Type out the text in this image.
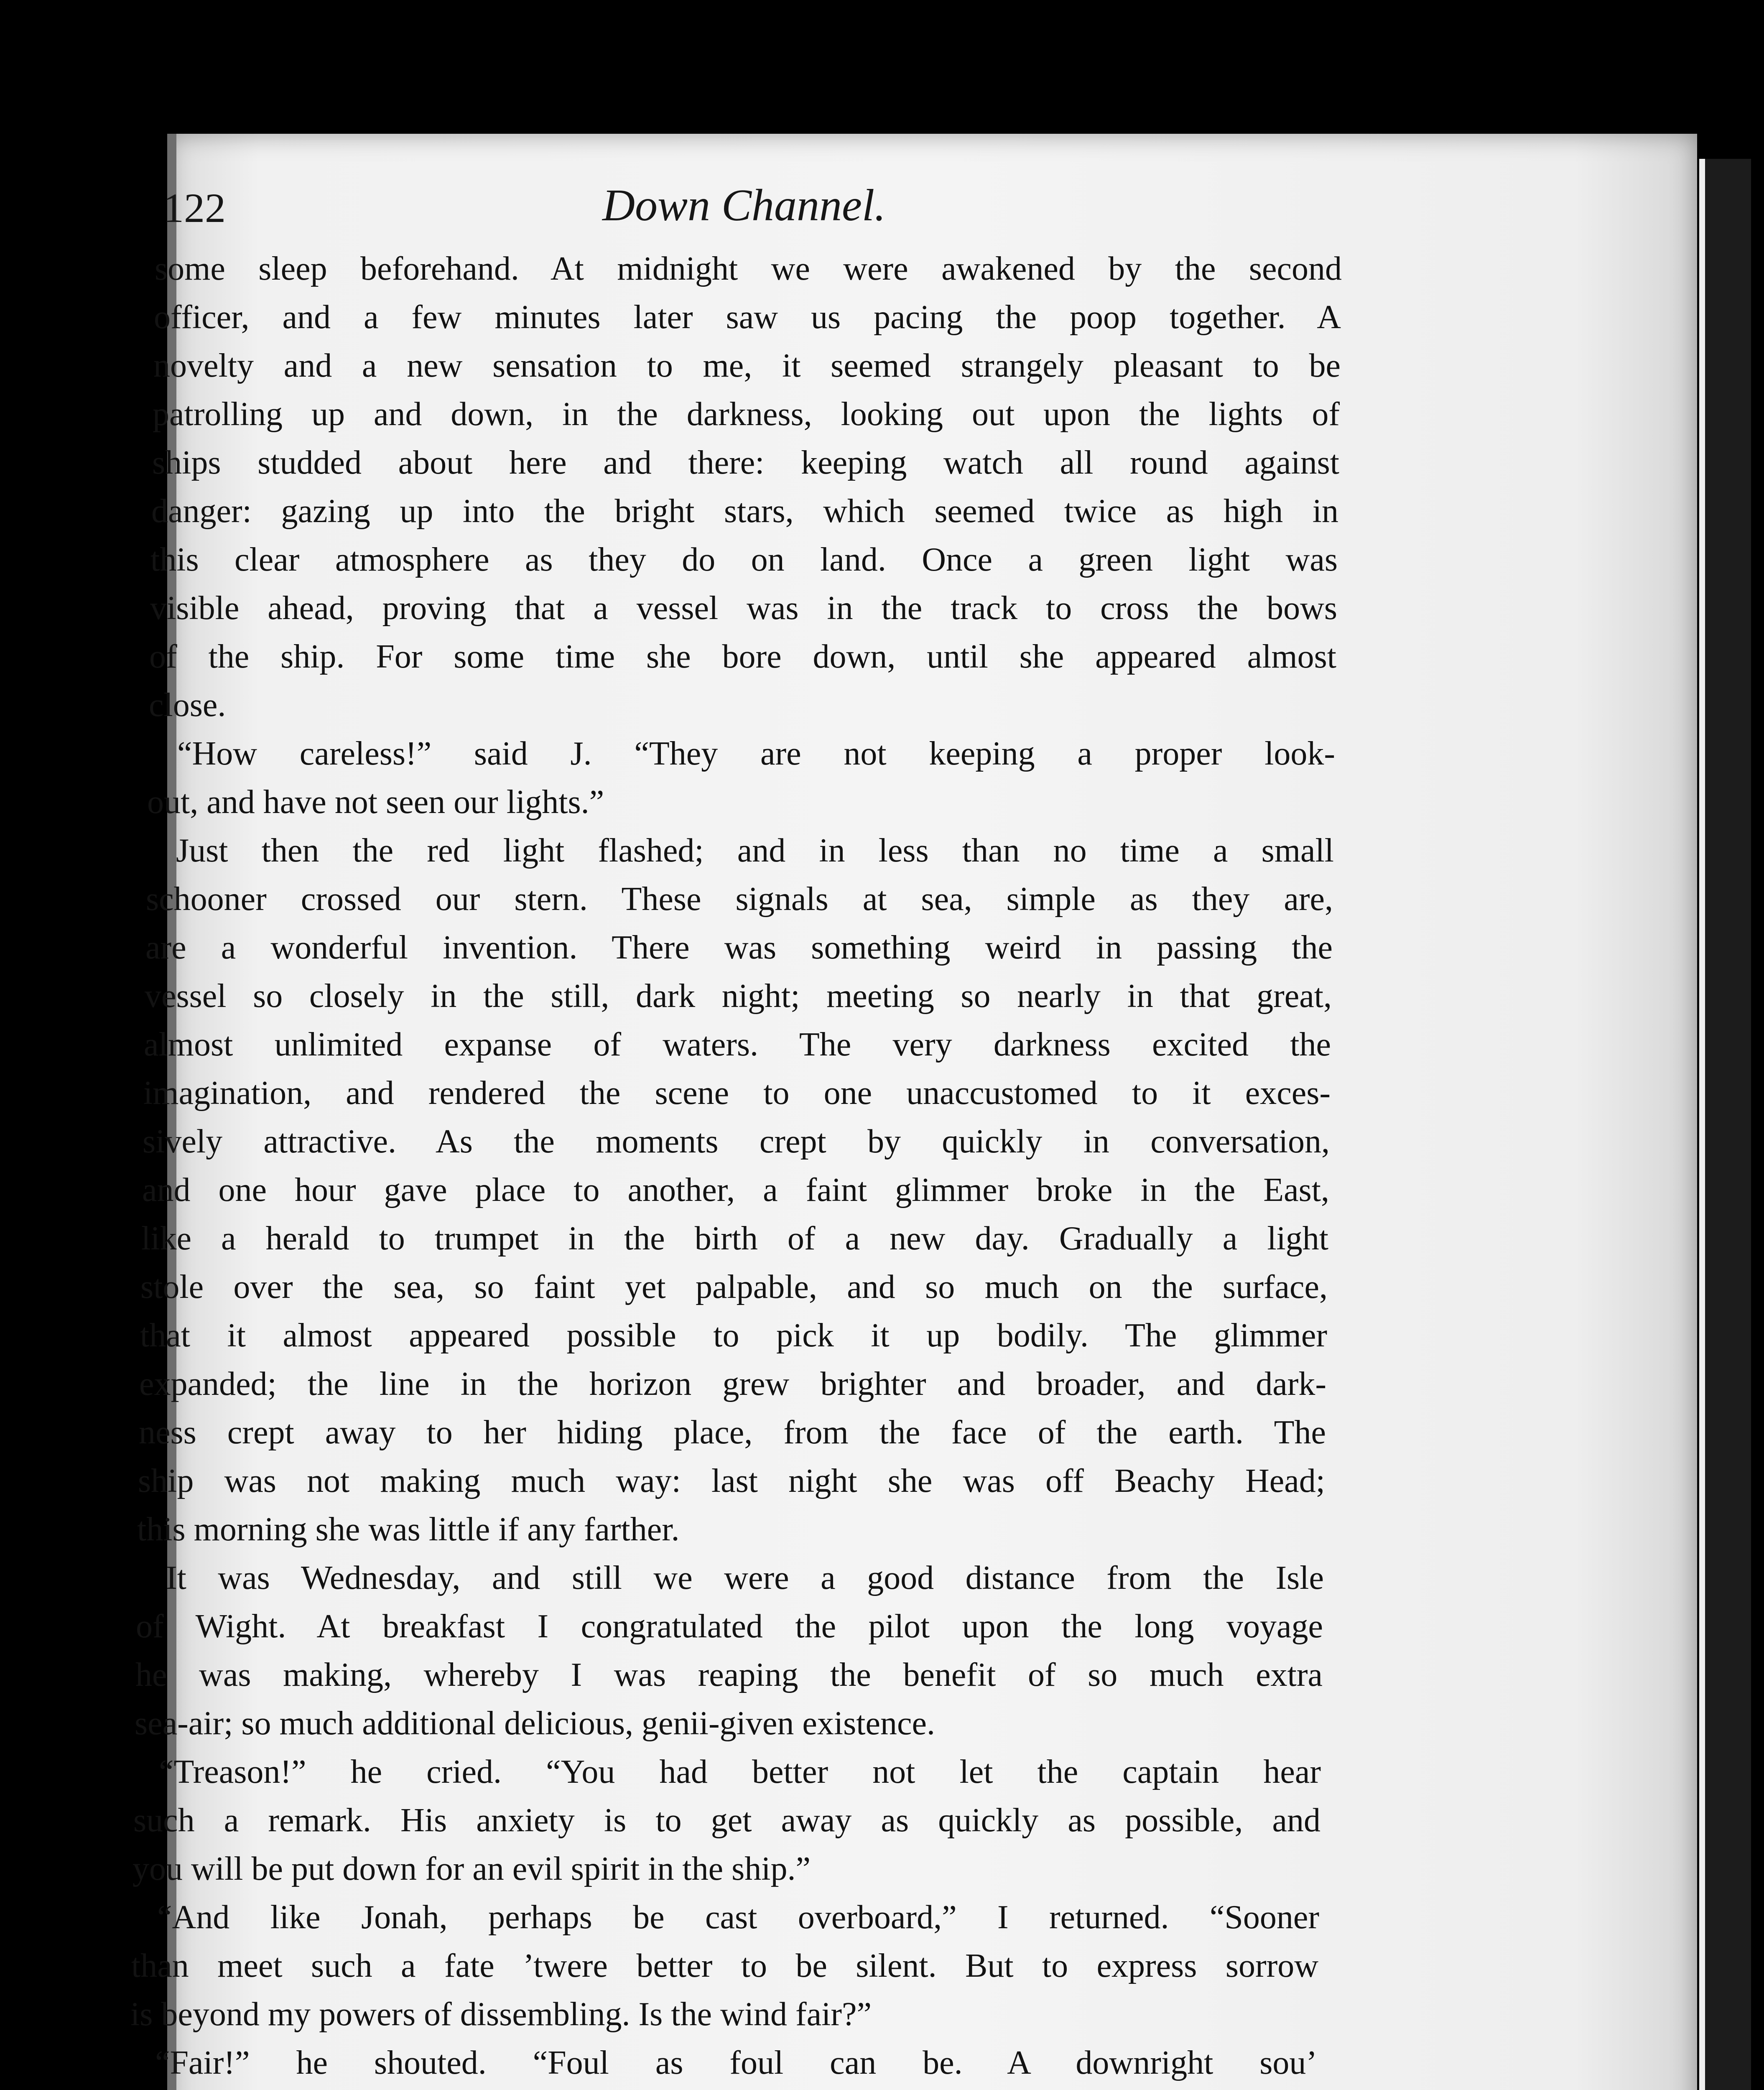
122	Down Channel.
some sleep beforehand. At midnight we were awakened by the second
officer, and a few minutes later saw us pacing the poop together. A
novelty and a new sensation to me, it seemed strangely pleasant to be
patrolling up and down, in the darkness, looking out upon the lights of
ships studded about here and there: keeping watch all round against
danger: gazing up into the bright stars, which seemed twice as high in
this clear atmosphere as they do on land. Once a green light was
visible ahead, proving that a vessel was in the track to cross the bows
of the ship. For some time she bore down, until she appeared almost
close.
“How careless!” said J. “They are not keeping a proper look-
out, and have not seen our lights.”
Just then the red light flashed; and in less than no time a small
schooner crossed our stern. These signals at sea, simple as they are,
are a wonderful invention. There was something weird in passing the
vessel so closely in the still, dark night; meeting so nearly in that great,
almost unlimited expanse of waters. The very darkness excited the
imagination, and rendered the scene to one unaccustomed to it exces-
sively attractive. As the moments crept by quickly in conversation,
and one hour gave place to another, a faint glimmer broke in the East,
like a herald to trumpet in the birth of a new day. Gradually a light
stole over the sea, so faint yet palpable, and so much on the surface,
that it almost appeared possible to pick it up bodily. The glimmer
expanded; the line in the horizon grew brighter and broader, and dark-
ness crept away to her hiding place, from the face of the earth. The
ship was not making much way: last night she was off Beachy Head;
this morning she was little if any farther.
It was Wednesday, and still we were a good distance from the Isle
of Wight. At breakfast I congratulated the pilot upon the long voyage
he was making, whereby I was reaping the benefit of so much extra
sea-air; so much additional delicious, genii-given existence.
“Treason!” he cried. “You had better not let the captain hear
such a remark. His anxiety is to get away as quickly as possible, and
you will be put down for an evil spirit in the ship.”
“And like Jonah, perhaps be cast overboard,” I returned. “Sooner
than meet such a fate ’twere better to be silent. But to express sorrow
is beyond my powers of dissembling. Is the wind fair?”
“Fair!” he shouted. “Foul as foul can be. A downright sou’
